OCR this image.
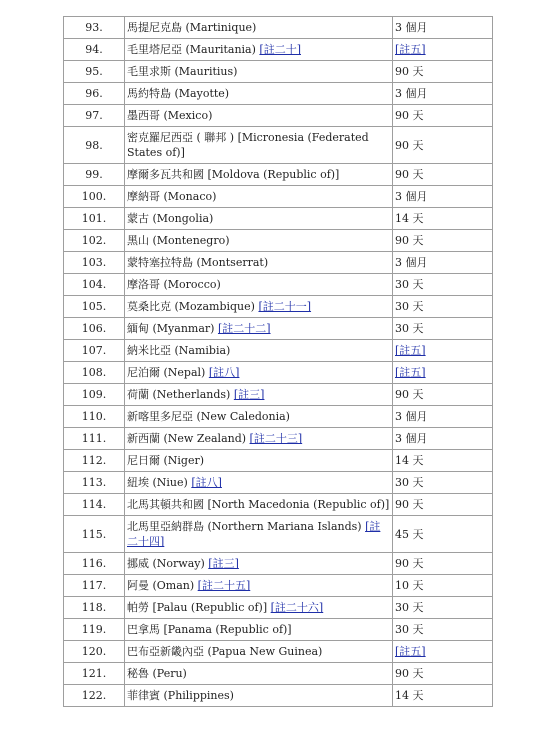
93.	馬提尼克島 (Martinique)	3 個月
94.	毛里塔尼亞 (Mauritania) [註二十]	[註五]
95.	毛里求斯 (Mauritius)	90 天
96.	馬約特島 (Mayotte)	3 個月
97.	墨西哥 (Mexico)	90 天
98.	密克羅尼西亞 ( 聯邦 ) [Micronesia (Federated States of)]	90 天
99.	摩爾多瓦共和國 [Moldova (Republic of)]	90 天
100.	摩納哥 (Monaco)	3 個月
101.	蒙古 (Mongolia)	14 天
102.	黑山 (Montenegro)	90 天
103.	蒙特塞拉特島 (Montserrat)	3 個月
104.	摩洛哥 (Morocco)	30 天
105.	莫桑比克 (Mozambique) [註二十一]	30 天
106.	緬甸 (Myanmar) [註二十二]	30 天
107.	納米比亞 (Namibia)	[註五]
108.	尼泊爾 (Nepal) [註八]	[註五]
109.	荷蘭 (Netherlands) [註三]	90 天
110.	新喀里多尼亞 (New Caledonia)	3 個月
111.	新西蘭 (New Zealand) [註二十三]	3 個月
112.	尼日爾 (Niger)	14 天
113.	紐埃 (Niue) [註八]	30 天
114.	北馬其頓共和國 [North Macedonia (Republic of)]	90 天
115.	北馬里亞納群島 (Northern Mariana Islands) [註二十四]	45 天
116.	挪威 (Norway) [註三]	90 天
117.	阿曼 (Oman) [註二十五]	10 天
118.	帕勞 [Palau (Republic of)] [註二十六]	30 天
119.	巴拿馬 [Panama (Republic of)]	30 天
120.	巴布亞新畿內亞 (Papua New Guinea)	[註五]
121.	秘魯 (Peru)	90 天
122.	菲律賓 (Philippines)	14 天
